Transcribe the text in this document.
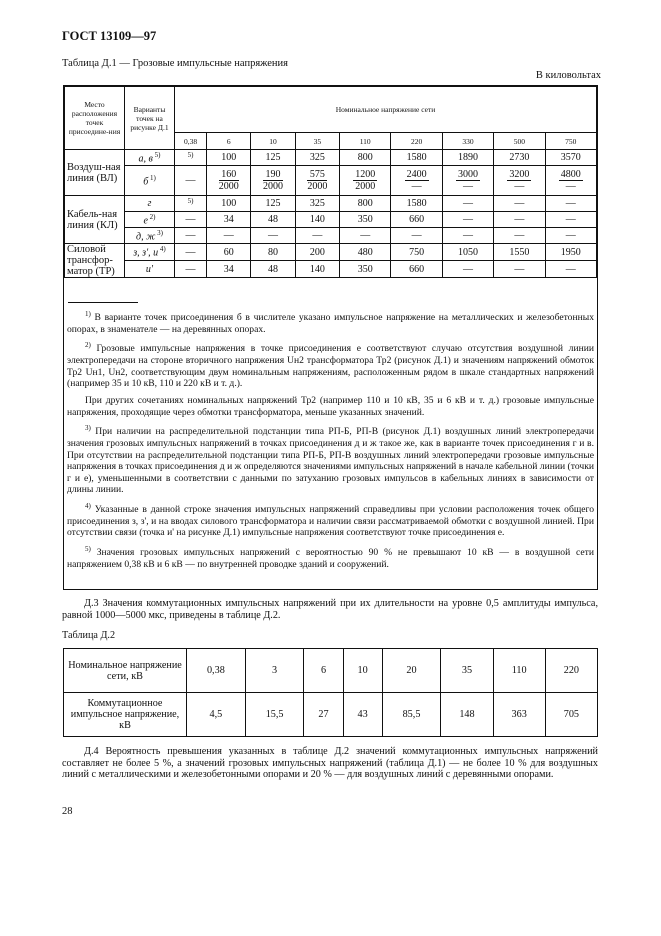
ГОСТ 13109—97
Таблица Д.1 — Грозовые импульсные напряжения
В киловольтах
Место расположения точек присоедине-ния	Варианты точек на рисунке Д.1	Номинальное напряжение сети								
		0,38	6	10	35	110	220	330	500	750
Воздуш-ная линия (ВЛ)	а, в $^{5)}$	$^{5)}$	100	125	325	800	1580	1890	2730	3570
	б $^{1)}$	—	$\frac{160}{2000}$	$\frac{190}{2000}$	$\frac{575}{2000}$	$\frac{1200}{2000}$	$\frac{2400}{—}$	$\frac{3000}{—}$	$\frac{3200}{—}$	$\frac{4800}{—}$

Кабель-ная линия (КЛ)	г	$^{5)}$	100	125	325	800	1580	—	—	—
	е $^{2)}$	—	34	48	140	350	660	—	—	—
	д, ж $^{3)}$	—	—	—	—	—	—	—	—	—
Силовой трансфор-матор (ТР)	з, з', и $^{4)}$	—	60	80	200	480	750	1050	1550	1950
	и'	—	34	48	140	350	660	—	—	—

$^{1)}$ В варианте точек присоединения б в числителе указано импульсное напряжение на металлических и железобетонных опорах, в знаменателе — на деревянных опорах.

$^{2)}$ Грозовые импульсные напряжения в точке присоединения е соответствуют случаю отсутствия воздушной линии электропередачи на стороне вторичного напряжения Uн2 трансформатора Тр2 (рисунок Д.1) и значениям напряжений обмоток Тр2 Uн1, Uн2, соответствующим двум номинальным напряжениям, расположенным рядом в шкале стандартных напряжений (например 35 и 10 кВ, 110 и 220 кВ и т. д.).

При других сочетаниях номинальных напряжений Тр2 (например 110 и 10 кВ, 35 и 6 кВ и т. д.) грозовые импульсные напряжения, проходящие через обмотки трансформатора, меньше указанных значений.

$^{3)}$ При наличии на распределительной подстанции типа РП-Б, РП-В (рисунок Д.1) воздушных линий электропередачи значения грозовых импульсных напряжений в точках присоединения д и ж такое же, как в варианте точек присоединения г и в. При отсутствии на распределительной подстанции типа РП-Б, РП-В воздушных линий электропередачи грозовые импульсные напряжения в точках присоединения д и ж определяются значениями импульсных напряжений в начале кабельной линии (точки г и е), уменьшенными в соответствии с данными по затуханию грозовых импульсов в кабельных линиях в зависимости от длины линии.

$^{4)}$ Указанные в данной строке значения импульсных напряжений справедливы при условии расположения точек общего присоединения з, з', и на вводах силового трансформатора и наличии связи рассматриваемой обмотки с воздушной линией. При отсутствии связи (точка и' на рисунке Д.1) импульсные напряжения соответствуют точке присоединения е.

$^{5)}$ Значения грозовых импульсных напряжений с вероятностью 90 % не превышают 10 кВ — в воздушной сети напряжением 0,38 кВ и 6 кВ — по внутренней проводке зданий и сооружений.

Д.3 Значения коммутационных импульсных напряжений при их длительности на уровне 0,5 амплитуды импульса, равной 1000—5000 мкс, приведены в таблице Д.2.
Таблица Д.2
Номинальное напряжение сети, кВ	0,38	3	6	10	20	35	110	220
Коммутационное импульсное напряжение, кВ	4,5	15,5	27	43	85,5	148	363	705
Д.4 Вероятность превышения указанных в таблице Д.2 значений коммутационных импульсных напряжений составляет не более 5 %, а значений грозовых импульсных напряжений (таблица Д.1) — не более 10 % для воздушных линий с металлическими и железобетонными опорами и 20 % — для воздушных линий с деревянными опорами.
28
